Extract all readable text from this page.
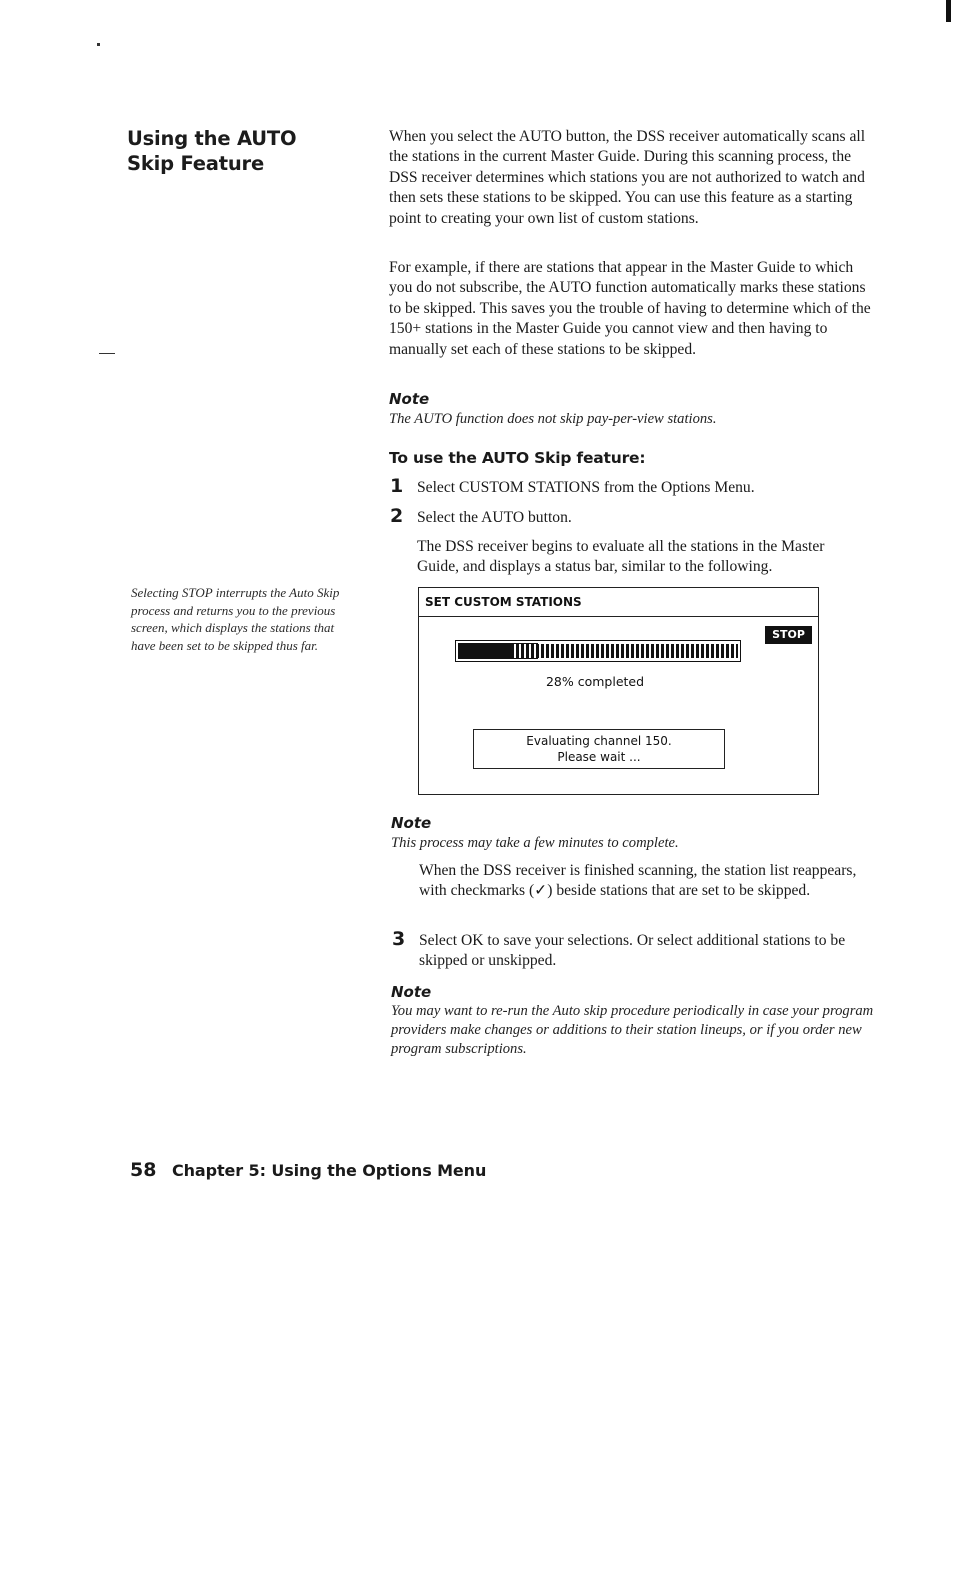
Using the AUTO
Skip Feature
When you select the AUTO button, the DSS receiver automatically scans all the stations in the current Master Guide. During this scanning process, the DSS receiver determines which stations you are not authorized to watch and then sets these stations to be skipped. You can use this feature as a starting point to creating your own list of custom stations.
For example, if there are stations that appear in the Master Guide to which you do not subscribe, the AUTO function automatically marks these stations to be skipped. This saves you the trouble of having to determine which of the 150+ stations in the Master Guide you cannot view and then having to manually set each of these stations to be skipped.
Note
The AUTO function does not skip pay-per-view stations.
To use the AUTO Skip feature:
1 Select CUSTOM STATIONS from the Options Menu.
2 Select the AUTO button.
The DSS receiver begins to evaluate all the stations in the Master Guide, and displays a status bar, similar to the following.
Selecting STOP interrupts the Auto Skip process and returns you to the previous screen, which displays the stations that have been set to be skipped thus far.
SET CUSTOM STATIONS
STOP
28% completed
Evaluating channel 150.
Please wait ...
Note
This process may take a few minutes to complete.
When the DSS receiver is finished scanning, the station list reappears, with checkmarks (✓) beside stations that are set to be skipped.
3 Select OK to save your selections. Or select additional stations to be skipped or unskipped.
Note
You may want to re-run the Auto skip procedure periodically in case your program providers make changes or additions to their station lineups, or if you order new program subscriptions.
58 Chapter 5: Using the Options Menu
